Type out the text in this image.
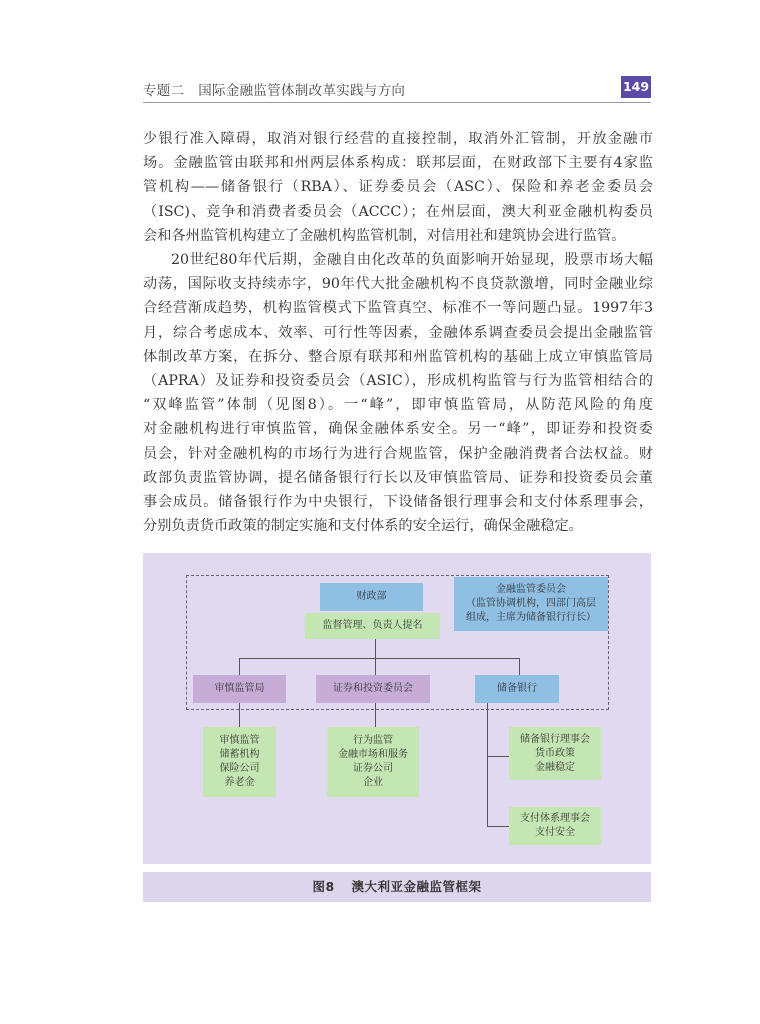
专题二　国际金融监管体制改革实践与方向	149

少银行准入障碍，取消对银行经营的直接控制，取消外汇管制，开放金融市
场。金融监管由联邦和州两层体系构成：联邦层面，在财政部下主要有4家监
管机构——储备银行（RBA）、证券委员会（ASC）、保险和养老金委员会
（ISC)、竞争和消费者委员会（ACCC）；在州层面，澳大利亚金融机构委员
会和各州监管机构建立了金融机构监管机制，对信用社和建筑协会进行监管。

20世纪80年代后期，金融自由化改革的负面影响开始显现，股票市场大幅
动荡，国际收支持续赤字，90年代大批金融机构不良贷款激增，同时金融业综
合经营渐成趋势，机构监管模式下监管真空、标准不一等问题凸显。1997年3
月，综合考虑成本、效率、可行性等因素，金融体系调查委员会提出金融监管
体制改革方案，在拆分、整合原有联邦和州监管机构的基础上成立审慎监管局
（APRA）及证券和投资委员会（ASIC），形成机构监管与行为监管相结合的
“双峰监管”体制（见图8）。一“峰”，即审慎监管局，从防范风险的角度
对金融机构进行审慎监管，确保金融体系安全。另一“峰”，即证券和投资委
员会，针对金融机构的市场行为进行合规监管，保护金融消费者合法权益。财
政部负责监管协调，提名储备银行行长以及审慎监管局、证券和投资委员会董
事会成员。储备银行作为中央银行，下设储备银行理事会和支付体系理事会，
分别负责货币政策的制定实施和支付体系的安全运行，确保金融稳定。

财政部
监督管理、负责人提名
金融监管委员会
（监管协调机构，四部门高层
组成，主席为储备银行行长）
审慎监管局	证券和投资委员会	储备银行
审慎监管
储蓄机构
保险公司
养老金
行为监管
金融市场和服务
证券公司
企业
储备银行理事会
货币政策
金融稳定
支付体系理事会
支付安全
图8 澳大利亚金融监管框架
